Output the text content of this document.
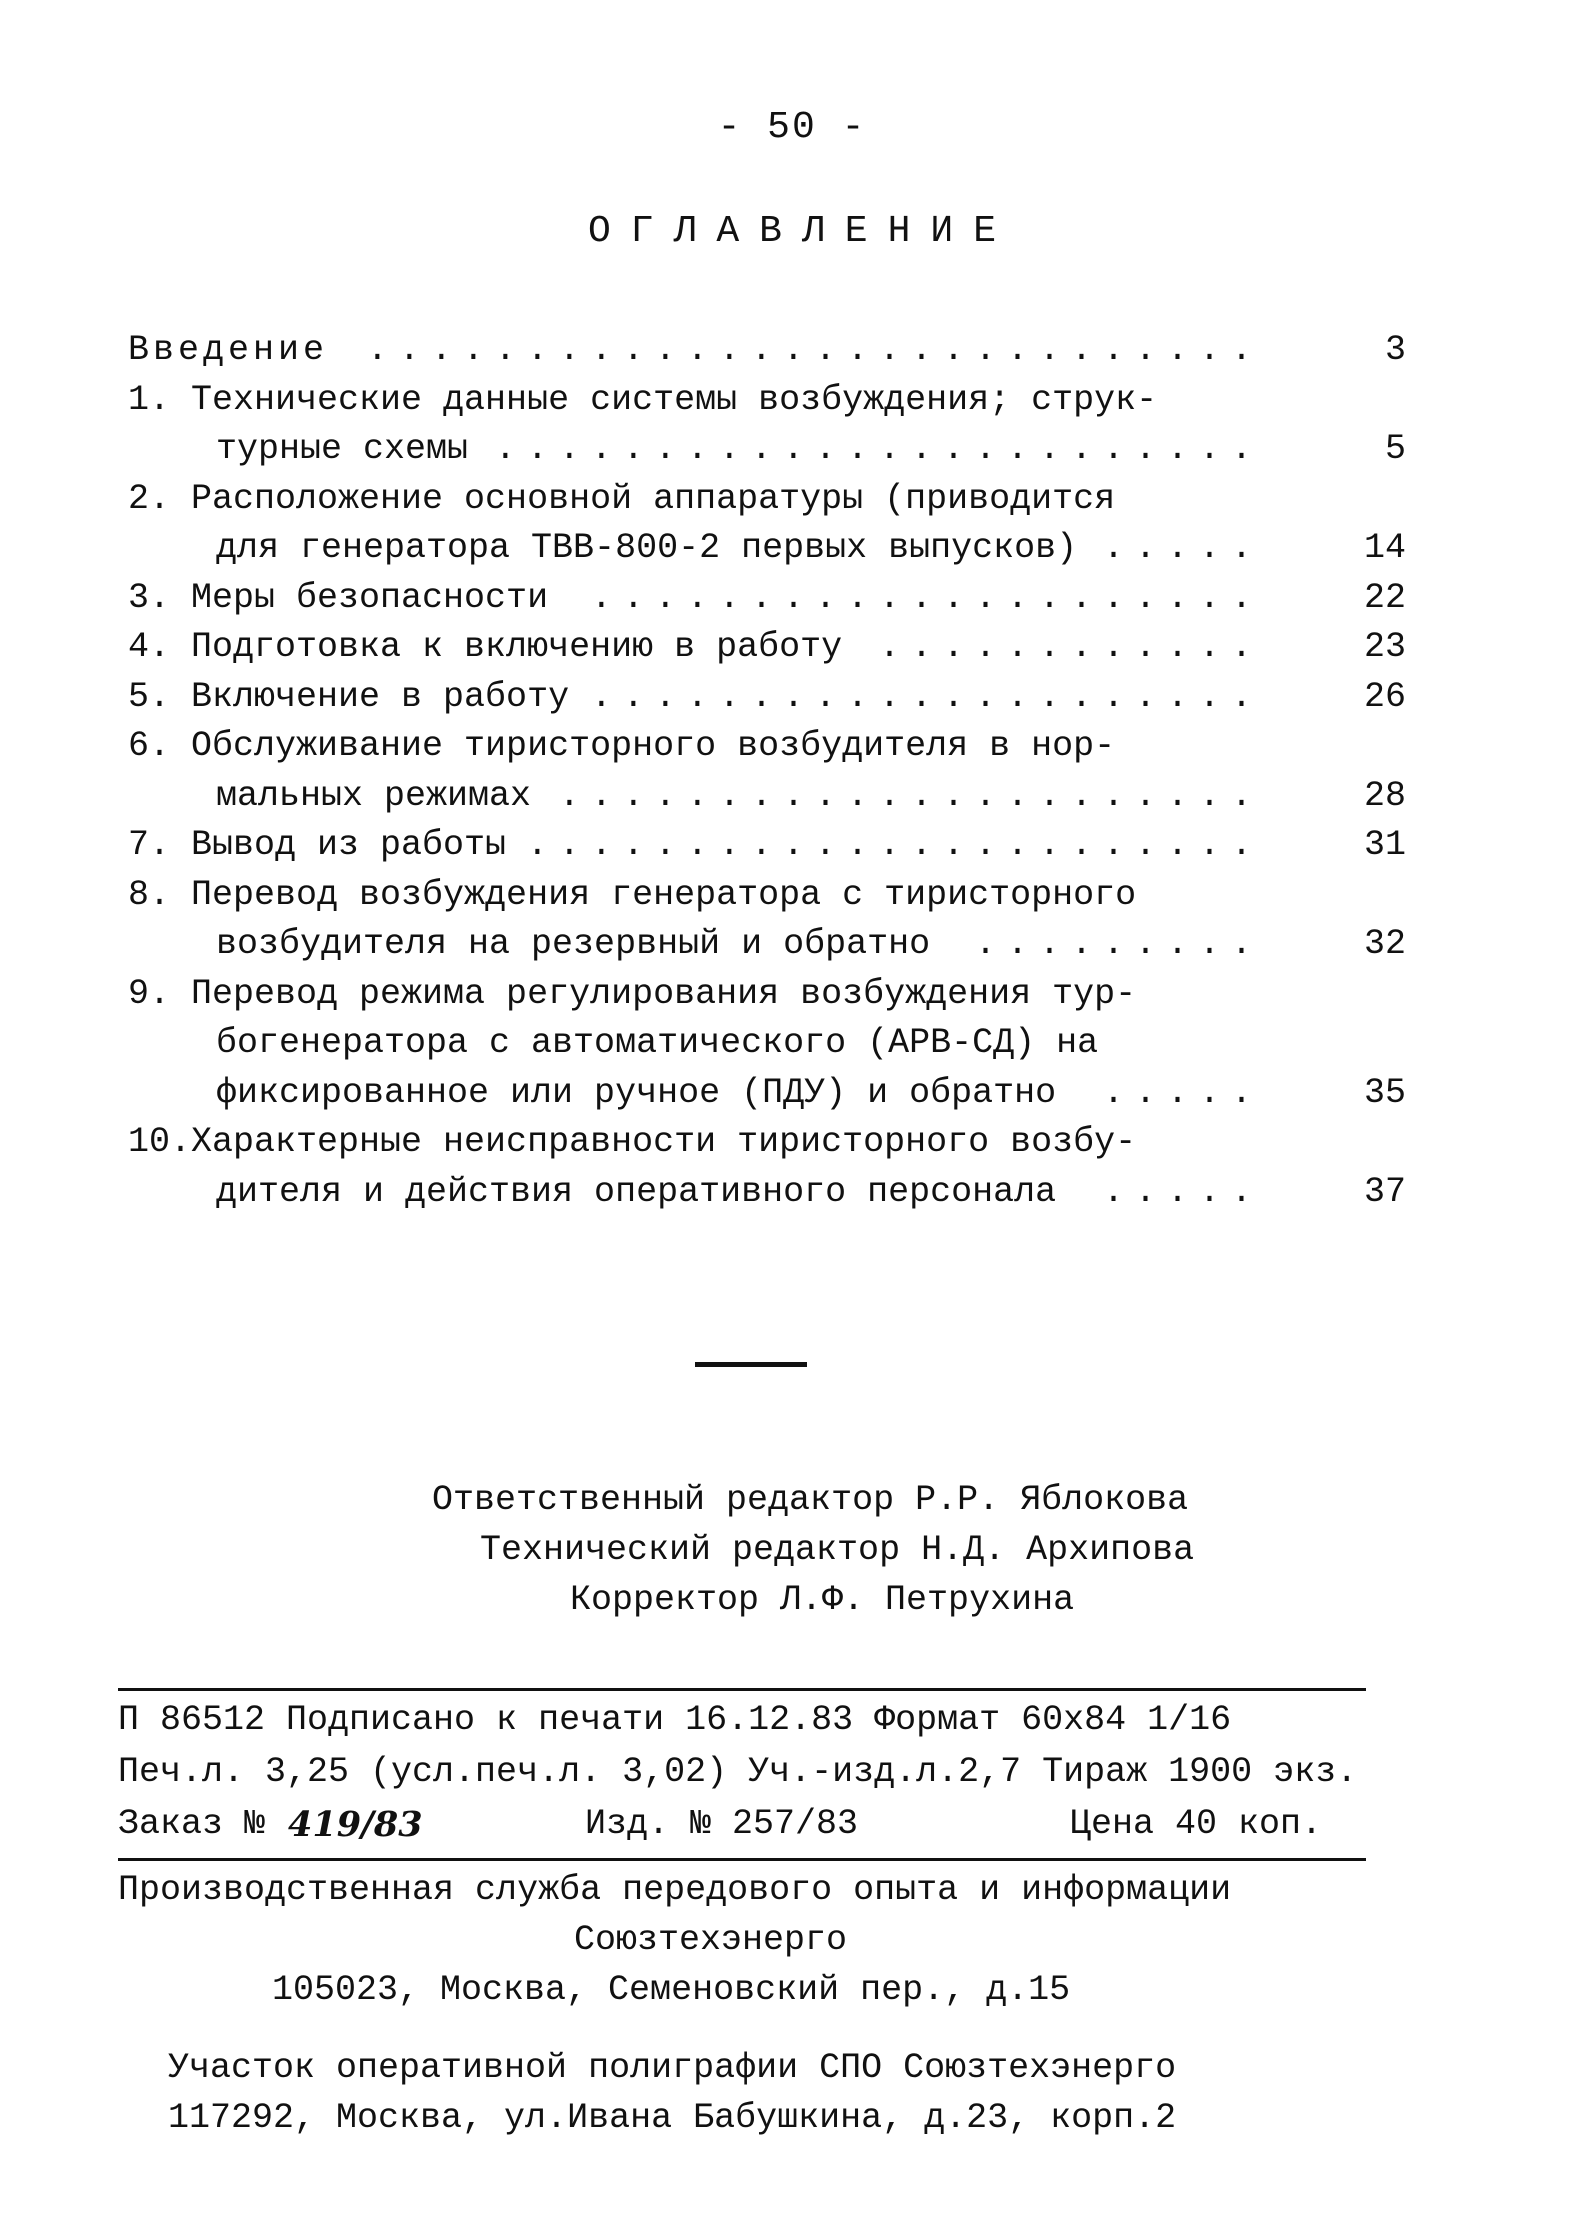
- 50 -
ОГЛАВЛЕНИЕ
Введение ............................	3
1. Технические данные системы возбуждения; струк-
турные схемы ........................	5
2. Расположение основной аппаратуры (приводится
для генератора ТВВ-800-2 первых выпусков) .....	14
3. Меры безопасности .....................	22
4. Подготовка к включению в работу ............	23
5. Включение в работу .....................	26
6. Обслуживание тиристорного возбудителя в нор-
мальных режимах ......................	28
7. Вывод из работы .......................	31
8. Перевод возбуждения генератора с тиристорного
возбудителя на резервный и обратно .........	32
9. Перевод режима регулирования возбуждения тур-
богенератора с автоматического (АРВ-СД) на
фиксированное или ручное (ПДУ) и обратно .....	35
10.Характерные неисправности тиристорного возбу-
дителя и действия оперативного персонала .....	37
Ответственный редактор Р.Р. Яблокова
Технический редактор Н.Д. Архипова
Корректор Л.Ф. Петрухина
П 86512 Подписано к печати 16.12.83 Формат 60х84 1/16
Печ.л. 3,25 (усл.печ.л. 3,02) Уч.-изд.л.2,7 Тираж 1900 экз.
Заказ № 419/83	Изд. № 257/83	Цена 40 коп.
Производственная служба передового опыта и информации
Союзтехэнерго
105023, Москва, Семеновский пер., д.15
Участок оперативной полиграфии СПО Союзтехэнерго
117292, Москва, ул.Ивана Бабушкина, д.23, корп.2
